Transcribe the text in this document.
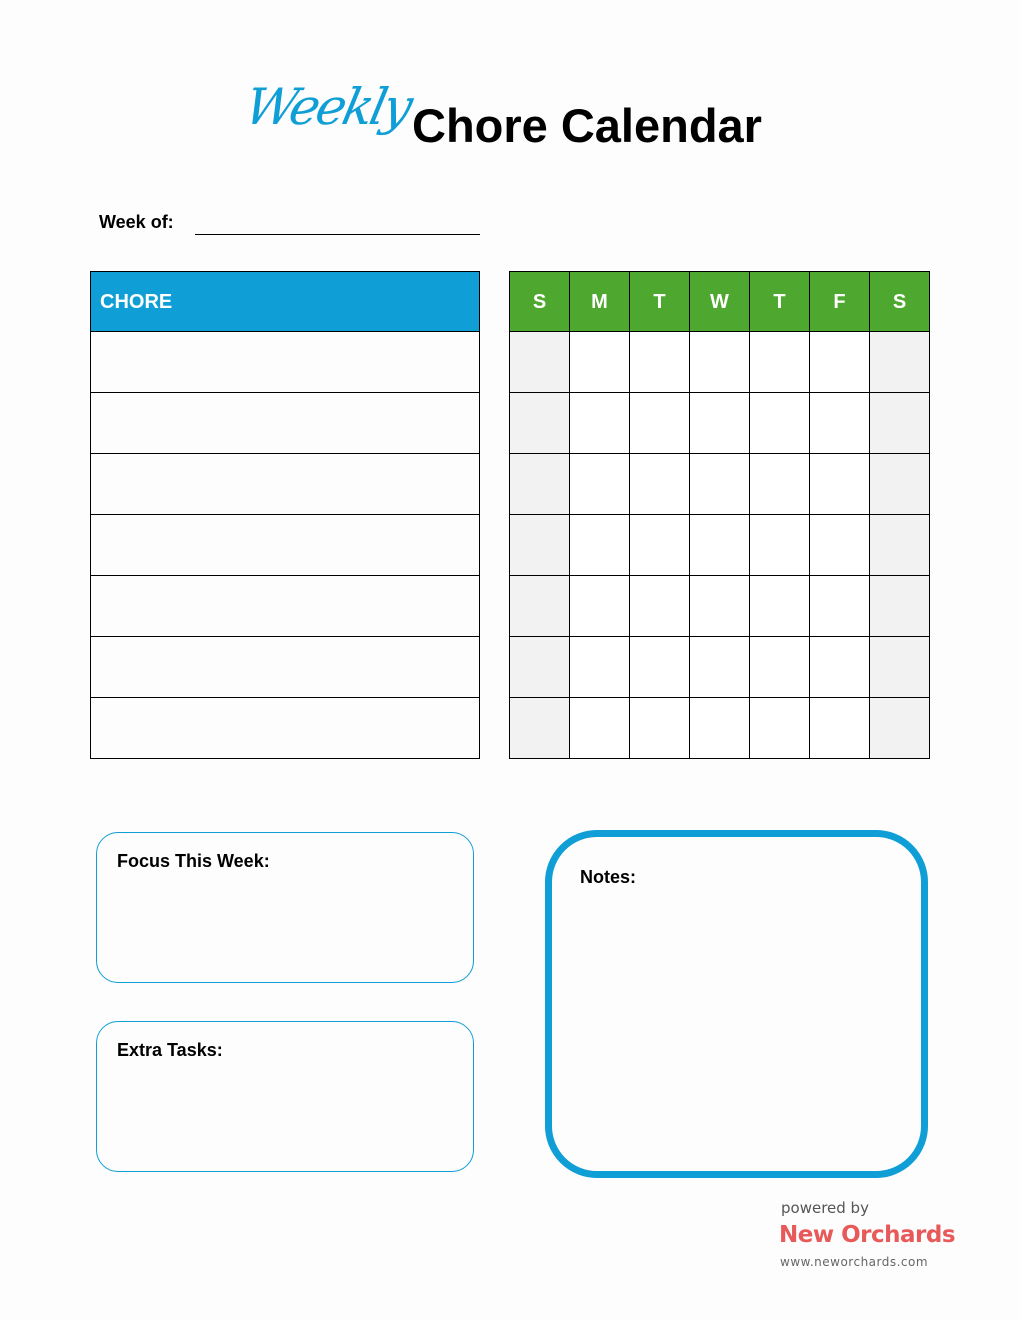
Weekly
Chore Calendar
Week of:
CHORE	S	M	T	W	T	F	S
Focus This Week:
Extra Tasks:
Notes:
powered by
New Orchards
www.neworchards.com
